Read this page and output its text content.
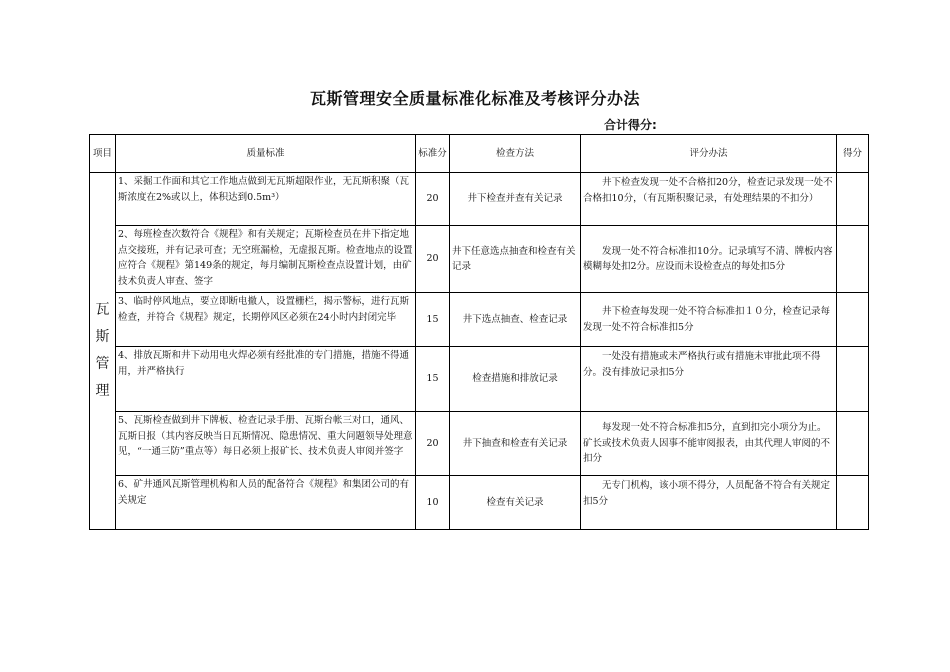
瓦斯管理安全质量标准化标准及考核评分办法
合计得分:
项目	质量标准	标准分	检查方法	评分办法	得分

瓦
斯
管
理	1、采掘工作面和其它工作地点做到无瓦斯超限作业，无瓦斯积聚（瓦斯浓度在2%或以上，体积达到0.5m³）	20	井下检查并查有关记录	井下检查发现一处不合格扣20分，检查记录发现一处不合格扣10分，（有瓦斯积聚记录，有处理结果的不扣分）	
	2、每班检查次数符合《规程》和有关规定；瓦斯检查员在井下指定地点交接班，并有记录可查；无空班漏检，无虚报瓦斯。检查地点的设置应符合《规程》第149条的规定，每月编制瓦斯检查点设置计划，由矿技术负责人审查、签字	20	井下任意选点抽查和检查有关记录	发现一处不符合标准扣10分。记录填写不清、牌板内容模糊每处扣2分。应设而未设检查点的每处扣5分	
	3、临时停风地点，要立即断电撤人，设置栅栏，揭示警标，进行瓦斯检查，并符合《规程》规定，长期停风区必须在24小时内封闭完毕	15	井下选点抽查、检查记录	井下检查每发现一处不符合标准扣１０分，检查记录每发现一处不符合标准扣5分	
	4、排放瓦斯和井下动用电火焊必须有经批准的专门措施，措施不得通用，并严格执行	15	检查措施和排放记录	一处没有措施或未严格执行或有措施未审批此项不得分。没有排放记录扣5分	
	5、瓦斯检查做到井下牌板、检查记录手册、瓦斯台帐三对口，通风、瓦斯日报（其内容反映当日瓦斯情况、隐患情况、重大问题领导处理意见，“一通三防”重点等）每日必须上报矿长、技术负责人审阅并签字	20	井下抽查和检查有关记录	每发现一处不符合标准扣5分，直到扣完小项分为止。矿长或技术负责人因事不能审阅报表，由其代理人审阅的不扣分	
	6、矿井通风瓦斯管理机构和人员的配备符合《规程》和集团公司的有关规定	10	检查有关记录	无专门机构，该小项不得分，人员配备不符合有关规定扣5分	
